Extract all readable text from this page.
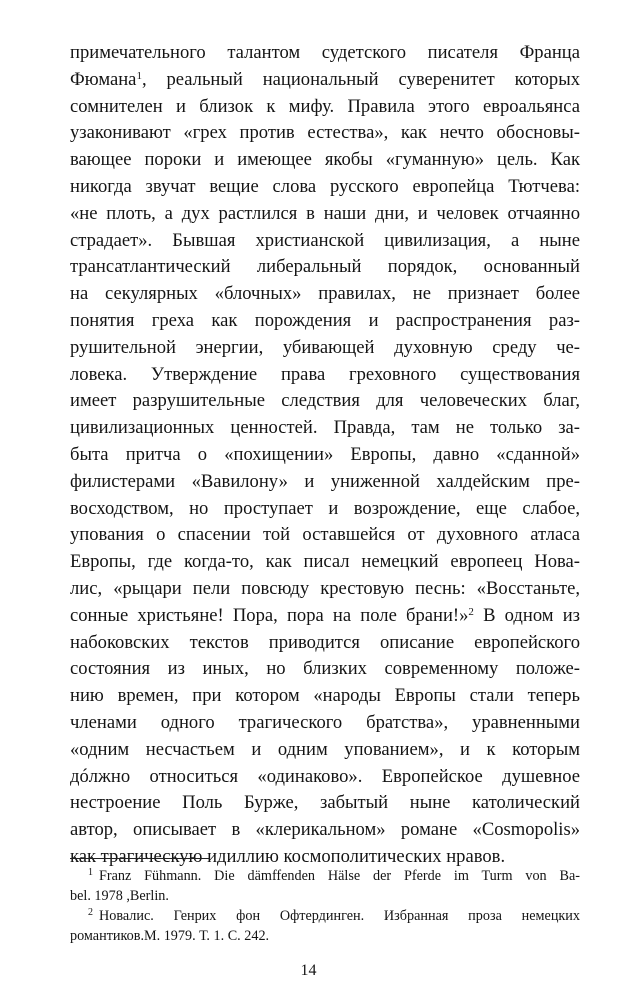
примечательного талантом судетского писателя Франца
Фюмана$^1$, реальный национальный суверенитет которых
сомнителен и близок к мифу. Правила этого евроальянса
узаконивают «грех против естества», как нечто обосновы-
вающее пороки и имеющее якобы «гуманную» цель. Как
никогда звучат вещие слова русского европейца Тютчева:
«не плоть, а дух растлился в наши дни, и человек отчаянно
страдает». Бывшая христианской цивилизация, а ныне
трансатлантический либеральный порядок, основанный
на секулярных «блочных» правилах, не признает более
понятия греха как порождения и распространения раз-
рушительной энергии, убивающей духовную среду че-
ловека. Утверждение права греховного существования
имеет разрушительные следствия для человеческих благ,
цивилизационных ценностей. Правда, там не только за-
быта притча о «похищении» Европы, давно «сданной»
филистерами «Вавилону» и униженной халдейским пре-
восходством, но проступает и возрождение, еще слабое,
упования о спасении той оставшейся от духовного атласа
Европы, где когда-то, как писал немецкий европеец Нова-
лис, «рыцари пели повсюду крестовую песнь: «Восстаньте,
сонные христьяне! Пора, пора на поле брани!»$^2$ В одном из
набоковских текстов приводится описание европейского
состояния из иных, но близких современному положе-
нию времен, при котором «народы Европы стали теперь
членами одного трагического братства», уравненными
«одним несчастьем и одним упованием», и к которым
дóлжно относиться «одинаково». Европейское душевное
нестроение Поль Бурже, забытый ныне католический
автор, описывает в «клерикальном» романе «Cosmopolis»
как трагическую идиллию космополитических нравов.
$^1$ Franz Fühmann. Die dämffenden Hälse der Pferde im Turm von Ba-
bel. 1978 ,Berlin.
$^2$ Новалис. Генрих фон Офтердинген. Избранная проза немецких
романтиков.М. 1979. Т. 1. С. 242.
14
